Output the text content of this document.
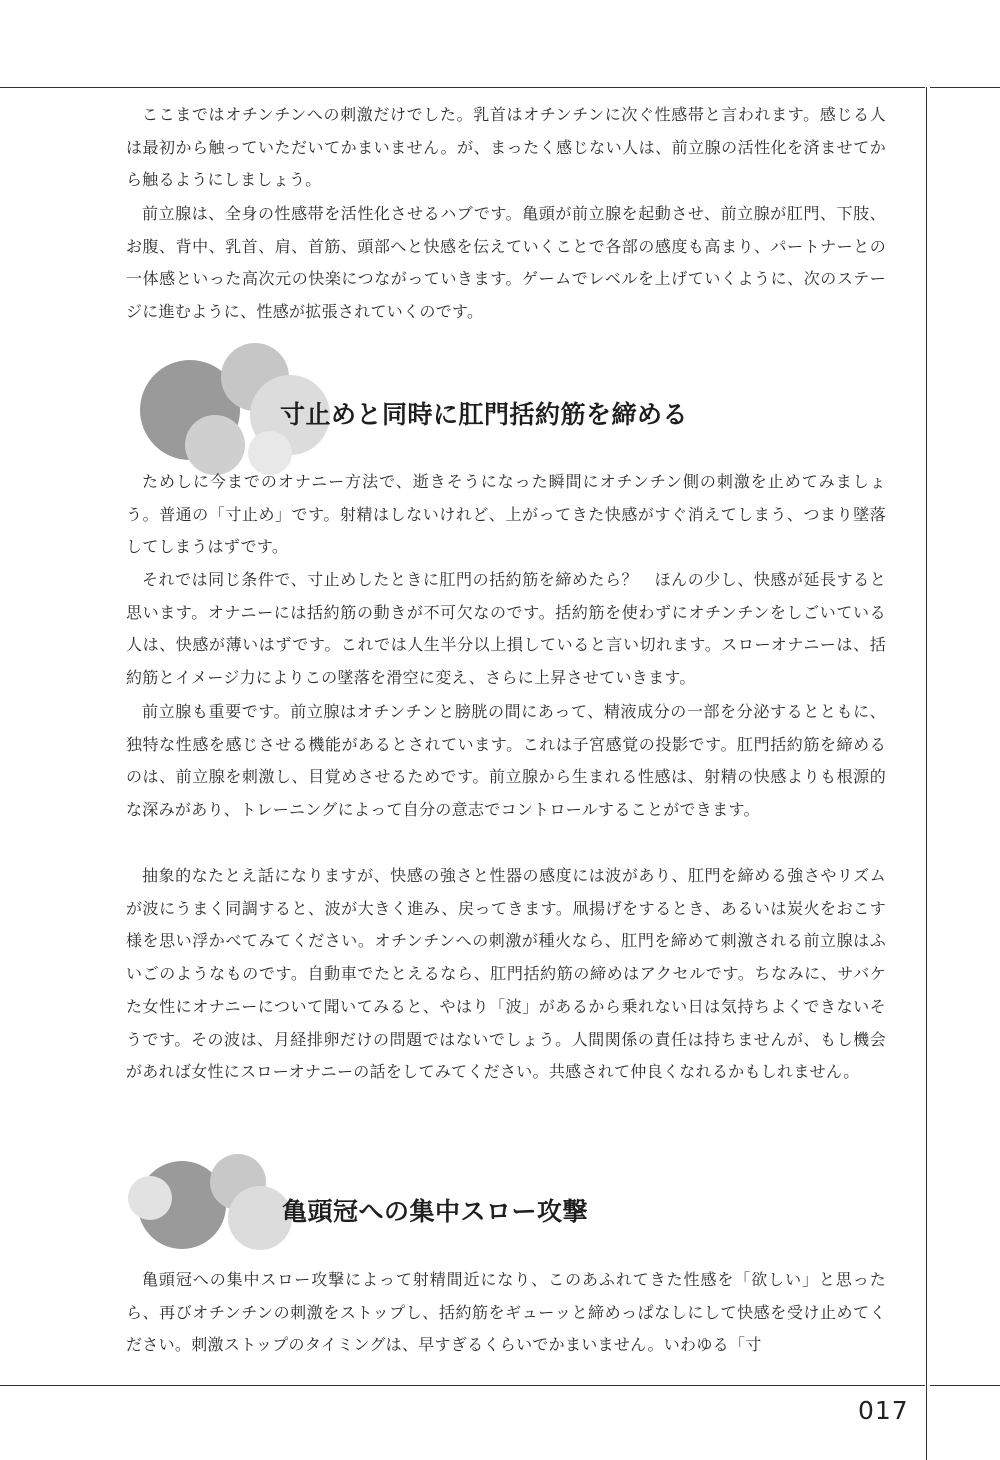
ここまではオチンチンへの刺激だけでした。乳首はオチンチンに次ぐ性感帯と言われます。感じる人は最初から触っていただいてかまいません。が、まったく感じない人は、前立腺の活性化を済ませてから触るようにしましょう。

前立腺は、全身の性感帯を活性化させるハブです。亀頭が前立腺を起動させ、前立腺が肛門、下肢、お腹、背中、乳首、肩、首筋、頭部へと快感を伝えていくことで各部の感度も高まり、パートナーとの一体感といった高次元の快楽につながっていきます。ゲームでレベルを上げていくように、次のステージに進むように、性感が拡張されていくのです。

寸止めと同時に肛門括約筋を締める

ためしに今までのオナニー方法で、逝きそうになった瞬間にオチンチン側の刺激を止めてみましょう。普通の「寸止め」です。射精はしないけれど、上がってきた快感がすぐ消えてしまう、つまり墜落してしまうはずです。

それでは同じ条件で、寸止めしたときに肛門の括約筋を締めたら？　ほんの少し、快感が延長すると思います。オナニーには括約筋の動きが不可欠なのです。括約筋を使わずにオチンチンをしごいている人は、快感が薄いはずです。これでは人生半分以上損していると言い切れます。スローオナニーは、括約筋とイメージ力によりこの墜落を滑空に変え、さらに上昇させていきます。

前立腺も重要です。前立腺はオチンチンと膀胱の間にあって、精液成分の一部を分泌するとともに、独特な性感を感じさせる機能があるとされています。これは子宮感覚の投影です。肛門括約筋を締めるのは、前立腺を刺激し、目覚めさせるためです。前立腺から生まれる性感は、射精の快感よりも根源的な深みがあり、トレーニングによって自分の意志でコントロールすることができます。

抽象的なたとえ話になりますが、快感の強さと性器の感度には波があり、肛門を締める強さやリズムが波にうまく同調すると、波が大きく進み、戻ってきます。凧揚げをするとき、あるいは炭火をおこす様を思い浮かべてみてください。オチンチンへの刺激が種火なら、肛門を締めて刺激される前立腺はふいごのようなものです。自動車でたとえるなら、肛門括約筋の締めはアクセルです。ちなみに、サバケた女性にオナニーについて聞いてみると、やはり「波」があるから乗れない日は気持ちよくできないそうです。その波は、月経排卵だけの問題ではないでしょう。人間関係の責任は持ちませんが、もし機会があれば女性にスローオナニーの話をしてみてください。共感されて仲良くなれるかもしれません。

亀頭冠への集中スロー攻撃

亀頭冠への集中スロー攻撃によって射精間近になり、このあふれてきた性感を「欲しい」と思ったら、再びオチンチンの刺激をストップし、括約筋をギューッと締めっぱなしにして快感を受け止めてください。刺激ストップのタイミングは、早すぎるくらいでかまいません。いわゆる「寸

017
